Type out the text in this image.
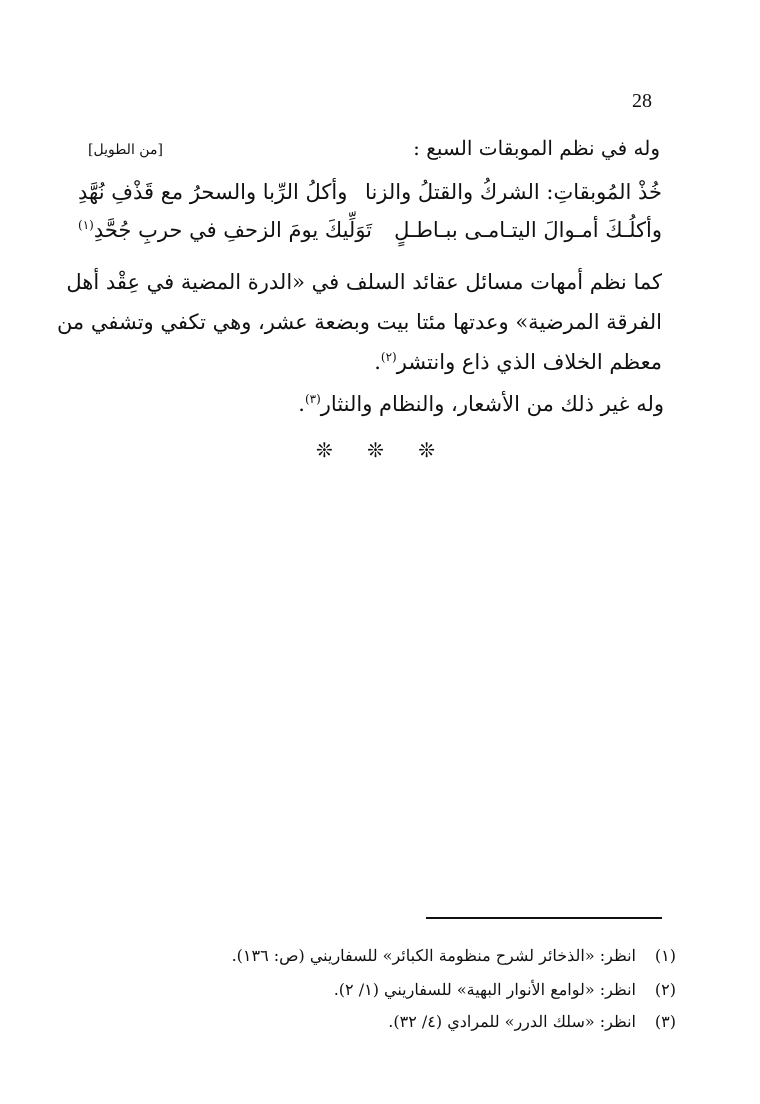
28
وله في نظم الموبقات السبع :
[من الطويل]
خُذْ المُوبقاتِ: الشركُ والقتلُ والزنا
وأكلُ الرِّبا والسحرُ مع قَذْفِ نُهَّدِ
وأكلُـكَ أمـوالَ اليتـامـى ببـاطـلٍ
تَوَلِّيكَ يومَ الزحفِ في حربِ جُحَّدِ$^{(١)}$
كما نظم أمهات مسائل عقائد السلف في «الدرة المضية في عِقْد أهل
الفرقة المرضية» وعدتها مئتا بيت وبضعة عشر، وهي تكفي وتشفي من
معظم الخلاف الذي ذاع وانتشر$^{(٢)}$.
وله غير ذلك من الأشعار، والنظام والنثار$^{(٣)}$.
❊ ❊ ❊
(١)انظر: «الذخائر لشرح منظومة الكبائر» للسفاريني (ص: ١٣٦).
(٢)انظر: «لوامع الأنوار البهية» للسفاريني (١/ ٢).
(٣)انظر: «سلك الدرر» للمرادي (٤/ ٣٢).
